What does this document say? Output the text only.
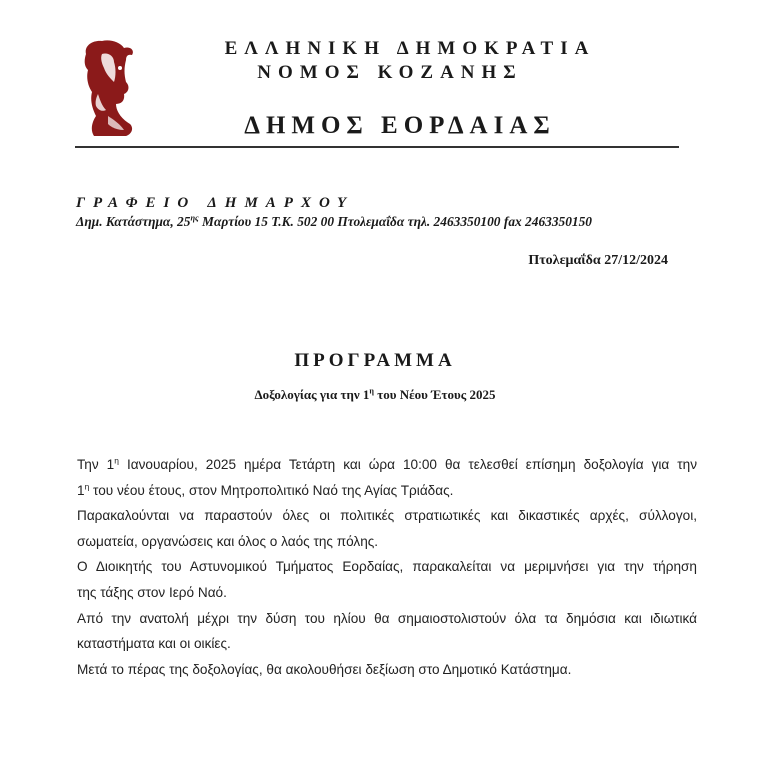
ΕΛΛΗΝΙΚΗ ΔΗΜΟΚΡΑΤΙΑ
ΝΟΜΟΣ ΚΟΖΑΝΗΣ
ΔΗΜΟΣ ΕΟΡΔΑΙΑΣ
ΓΡΑΦΕΙΟ ΔΗΜΑΡΧΟΥ
Δημ. Κατάστημα, $25^{\eta\varsigma}$ Μαρτίου 15 Τ.Κ. 502 00 Πτολεμαΐδα τηλ. 2463350100 fax 2463350150
Πτολεμαΐδα 27/12/2024
ΠΡΟΓΡΑΜΜΑ
Δοξολογίας για την $1^\eta$ του Νέου Έτους 2025

Την $1^\eta$ Ιανουαρίου, 2025 ημέρα Τετάρτη και ώρα 10:00 θα τελεσθεί επίσημη δοξολογία για την
$1^\eta$ του νέου έτους, στον Μητροπολιτικό Ναό της Αγίας Τριάδας.

Παρακαλούνται να παραστούν όλες οι πολιτικές στρατιωτικές και δικαστικές αρχές, σύλλογοι,
σωματεία, οργανώσεις και όλος ο λαός της πόλης.

Ο Διοικητής του Αστυνομικού Τμήματος Εορδαίας, παρακαλείται να μεριμνήσει για την τήρηση
της τάξης στον Ιερό Ναό.

Από την ανατολή μέχρι την δύση του ηλίου θα σημαιοστολιστούν όλα τα δημόσια και ιδιωτικά
καταστήματα και οι οικίες.

Μετά το πέρας της δοξολογίας, θα ακολουθήσει δεξίωση στο Δημοτικό Κατάστημα.
